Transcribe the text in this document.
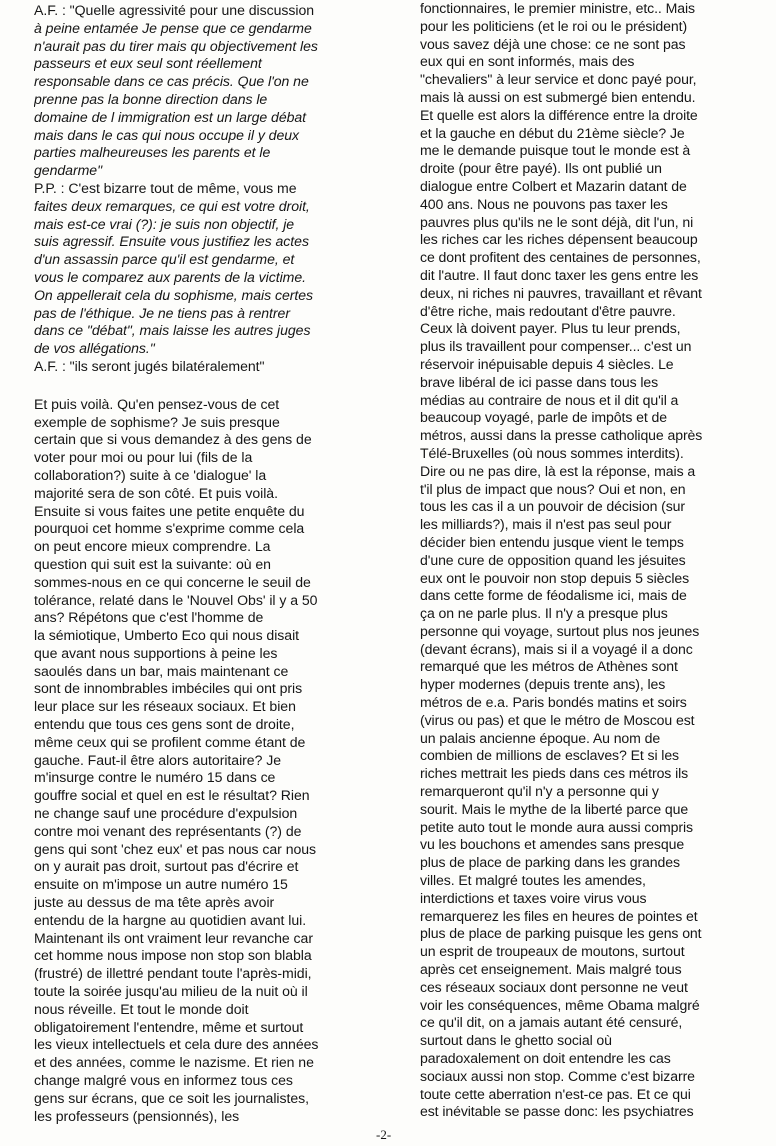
A.F. : "Quelle agressivité pour une discussion
à peine entamée Je pense que ce gendarme
n'aurait pas du tirer mais qu objectivement les
passeurs et eux seul sont réellement
responsable dans ce cas précis. Que l'on ne
prenne pas la bonne direction dans le
domaine de l immigration est un large débat
mais dans le cas qui nous occupe il y deux
parties malheureuses les parents et le
gendarme"
P.P. : C'est bizarre tout de même, vous me
faites deux remarques, ce qui est votre droit,
mais est-ce vrai (?): je suis non objectif, je
suis agressif. Ensuite vous justifiez les actes
d'un assassin parce qu'il est gendarme, et
vous le comparez aux parents de la victime.
On appellerait cela du sophisme, mais certes
pas de l'éthique. Je ne tiens pas à rentrer
dans ce "débat", mais laisse les autres juges
de vos allégations."
A.F. : "ils seront jugés bilatéralement"
Et puis voilà. Qu'en pensez-vous de cet
exemple de sophisme? Je suis presque
certain que si vous demandez à des gens de
voter pour moi ou pour lui (fils de la
collaboration?) suite à ce 'dialogue' la
majorité sera de son côté. Et puis voilà.
Ensuite si vous faites une petite enquête du
pourquoi cet homme s'exprime comme cela
on peut encore mieux comprendre. La
question qui suit est la suivante: où en
sommes-nous en ce qui concerne le seuil de
tolérance, relaté dans le 'Nouvel Obs' il y a 50
ans? Répétons que c'est l'homme de
la sémiotique, Umberto Eco qui nous disait
que avant nous supportions à peine les
saoulés dans un bar, mais maintenant ce
sont de innombrables imbéciles qui ont pris
leur place sur les réseaux sociaux. Et bien
entendu que tous ces gens sont de droite,
même ceux qui se profilent comme étant de
gauche. Faut-il être alors autoritaire? Je
m'insurge contre le numéro 15 dans ce
gouffre social et quel en est le résultat? Rien
ne change sauf une procédure d'expulsion
contre moi venant des représentants (?) de
gens qui sont 'chez eux' et pas nous car nous
on y aurait pas droit, surtout pas d'écrire et
ensuite on m'impose un autre numéro 15
juste au dessus de ma tête après avoir
entendu de la hargne au quotidien avant lui.
Maintenant ils ont vraiment leur revanche car
cet homme nous impose non stop son blabla
(frustré) de illettré pendant toute l'après-midi,
toute la soirée jusqu'au milieu de la nuit où il
nous réveille. Et tout le monde doit
obligatoirement l'entendre, même et surtout
les vieux intellectuels et cela dure des années
et des années, comme le nazisme. Et rien ne
change malgré vous en informez tous ces
gens sur écrans, que ce soit les journalistes,
les professeurs (pensionnés), les
fonctionnaires, le premier ministre, etc.. Mais
pour les politiciens (et le roi ou le président)
vous savez déjà une chose: ce ne sont pas
eux qui en sont informés, mais des
"chevaliers" à leur service et donc payé pour,
mais là aussi on est submergé bien entendu.
Et quelle est alors la différence entre la droite
et la gauche en début du 21ème siècle? Je
me le demande puisque tout le monde est à
droite (pour être payé). Ils ont publié un
dialogue entre Colbert et Mazarin datant de
400 ans. Nous ne pouvons pas taxer les
pauvres plus qu'ils ne le sont déjà, dit l'un, ni
les riches car les riches dépensent beaucoup
ce dont profitent des centaines de personnes,
dit l'autre. Il faut donc taxer les gens entre les
deux, ni riches ni pauvres, travaillant et rêvant
d'être riche, mais redoutant d'être pauvre.
Ceux là doivent payer. Plus tu leur prends,
plus ils travaillent pour compenser... c'est un
réservoir inépuisable depuis 4 siècles. Le
brave libéral de ici passe dans tous les
médias au contraire de nous et il dit qu'il a
beaucoup voyagé, parle de impôts et de
métros, aussi dans la presse catholique après
Télé-Bruxelles (où nous sommes interdits).
Dire ou ne pas dire, là est la réponse, mais a
t'il plus de impact que nous? Oui et non, en
tous les cas il a un pouvoir de décision (sur
les milliards?), mais il n'est pas seul pour
décider bien entendu jusque vient le temps
d'une cure de opposition quand les jésuites
eux ont le pouvoir non stop depuis 5 siècles
dans cette forme de féodalisme ici, mais de
ça on ne parle plus. Il n'y a presque plus
personne qui voyage, surtout plus nos jeunes
(devant écrans), mais si il a voyagé il a donc
remarqué que les métros de Athènes sont
hyper modernes (depuis trente ans), les
métros de e.a. Paris bondés matins et soirs
(virus ou pas) et que le métro de Moscou est
un palais ancienne époque. Au nom de
combien de millions de esclaves? Et si les
riches mettrait les pieds dans ces métros ils
remarqueront qu'il n'y a personne qui y
sourit. Mais le mythe de la liberté parce que
petite auto tout le monde aura aussi compris
vu les bouchons et amendes sans presque
plus de place de parking dans les grandes
villes. Et malgré toutes les amendes,
interdictions et taxes voire virus vous
remarquerez les files en heures de pointes et
plus de place de parking puisque les gens ont
un esprit de troupeaux de moutons, surtout
après cet enseignement. Mais malgré tous
ces réseaux sociaux dont personne ne veut
voir les conséquences, même Obama malgré
ce qu'il dit, on a jamais autant été censuré,
surtout dans le ghetto social où
paradoxalement on doit entendre les cas
sociaux aussi non stop. Comme c'est bizarre
toute cette aberration n'est-ce pas. Et ce qui
est inévitable se passe donc: les psychiatres
-2-
